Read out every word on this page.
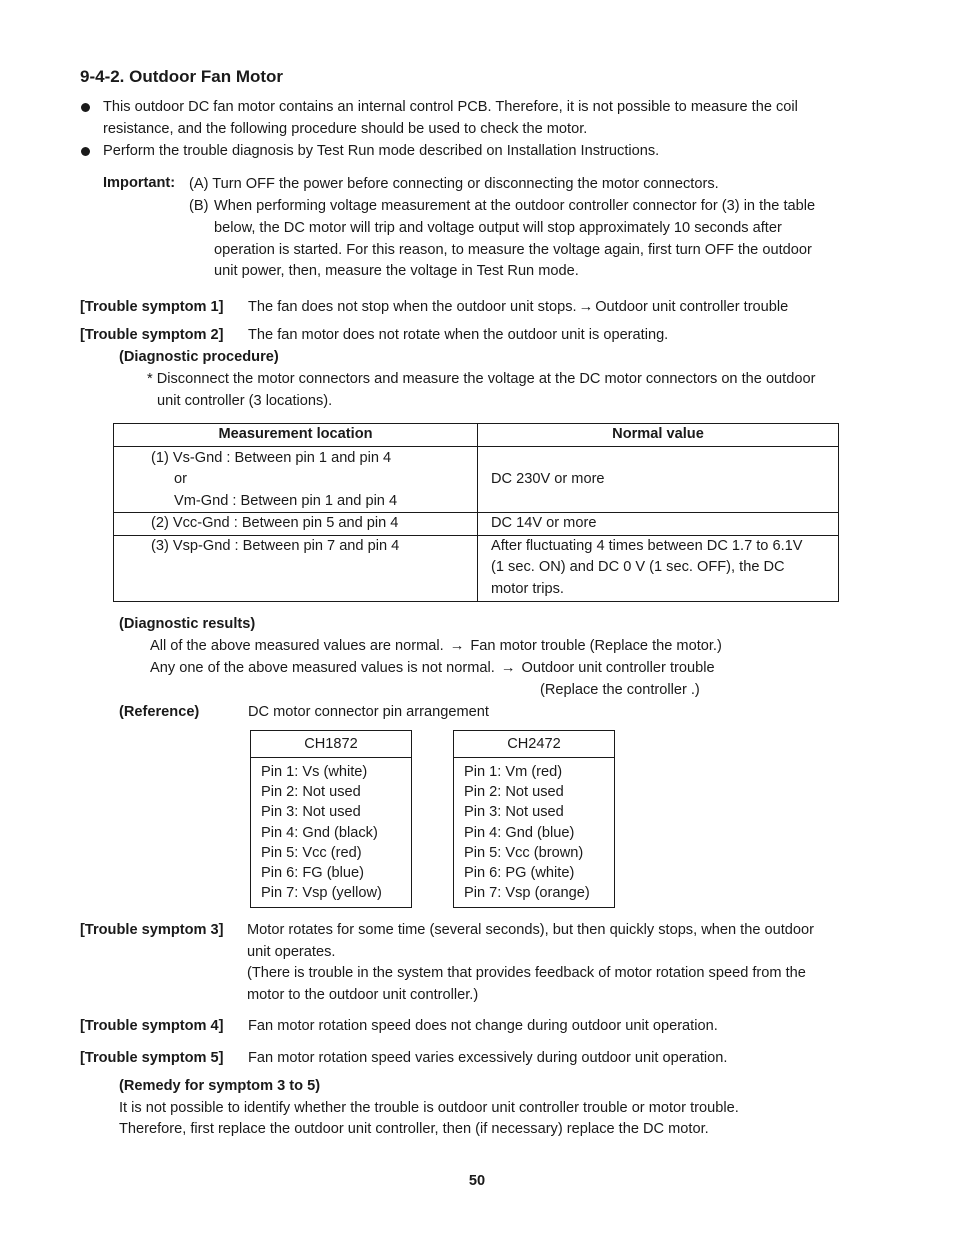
9-4-2. Outdoor Fan Motor
This outdoor DC fan motor contains an internal control PCB. Therefore, it is not possible to measure the coil
resistance, and the following procedure should be used to check the motor.
Perform the trouble diagnosis by Test Run mode described on Installation Instructions.
Important: (A) Turn OFF the power before connecting or disconnecting the motor connectors.
(B) When performing voltage measurement at the outdoor controller connector for (3) in the table
below, the DC motor will trip and voltage output will stop approximately 10 seconds after
operation is started. For this reason, to measure the voltage again, first turn OFF the outdoor
unit power, then, measure the voltage in Test Run mode.
[Trouble symptom 1] The fan does not stop when the outdoor unit stops. → Outdoor unit controller trouble
[Trouble symptom 2] The fan motor does not rotate when the outdoor unit is operating.
(Diagnostic procedure)
* Disconnect the motor connectors and measure the voltage at the DC motor connectors on the outdoor
unit controller (3 locations).
Measurement location	Normal value

(1) Vs-Gnd : Between pin 1 and pin 4
or
Vm-Gnd : Between pin 1 and pin 4	DC 230V or more
(2) Vcc-Gnd : Between pin 5 and pin 4	DC 14V or more
(3) Vsp-Gnd : Between pin 7 and pin 4	After fluctuating 4 times between DC 1.7 to 6.1V
(1 sec. ON) and DC 0 V (1 sec. OFF), the DC
motor trips.
(Diagnostic results)
All of the above measured values are normal. → Fan motor trouble (Replace the motor.)
Any one of the above measured values is not normal. → Outdoor unit controller trouble
(Replace the controller .)
(Reference)	DC motor connector pin arrangement
CH1872
Pin 1: Vs (white)
Pin 2: Not used
Pin 3: Not used
Pin 4: Gnd (black)
Pin 5: Vcc (red)
Pin 6: FG (blue)
Pin 7: Vsp (yellow)
CH2472
Pin 1: Vm (red)
Pin 2: Not used
Pin 3: Not used
Pin 4: Gnd (blue)
Pin 5: Vcc (brown)
Pin 6: PG (white)
Pin 7: Vsp (orange)
[Trouble symptom 3] Motor rotates for some time (several seconds), but then quickly stops, when the outdoor
unit operates.
(There is trouble in the system that provides feedback of motor rotation speed from the
motor to the outdoor unit controller.)
[Trouble symptom 4] Fan motor rotation speed does not change during outdoor unit operation.
[Trouble symptom 5] Fan motor rotation speed varies excessively during outdoor unit operation.
(Remedy for symptom 3 to 5)
It is not possible to identify whether the trouble is outdoor unit controller trouble or motor trouble.
Therefore, first replace the outdoor unit controller, then (if necessary) replace the DC motor.
50
